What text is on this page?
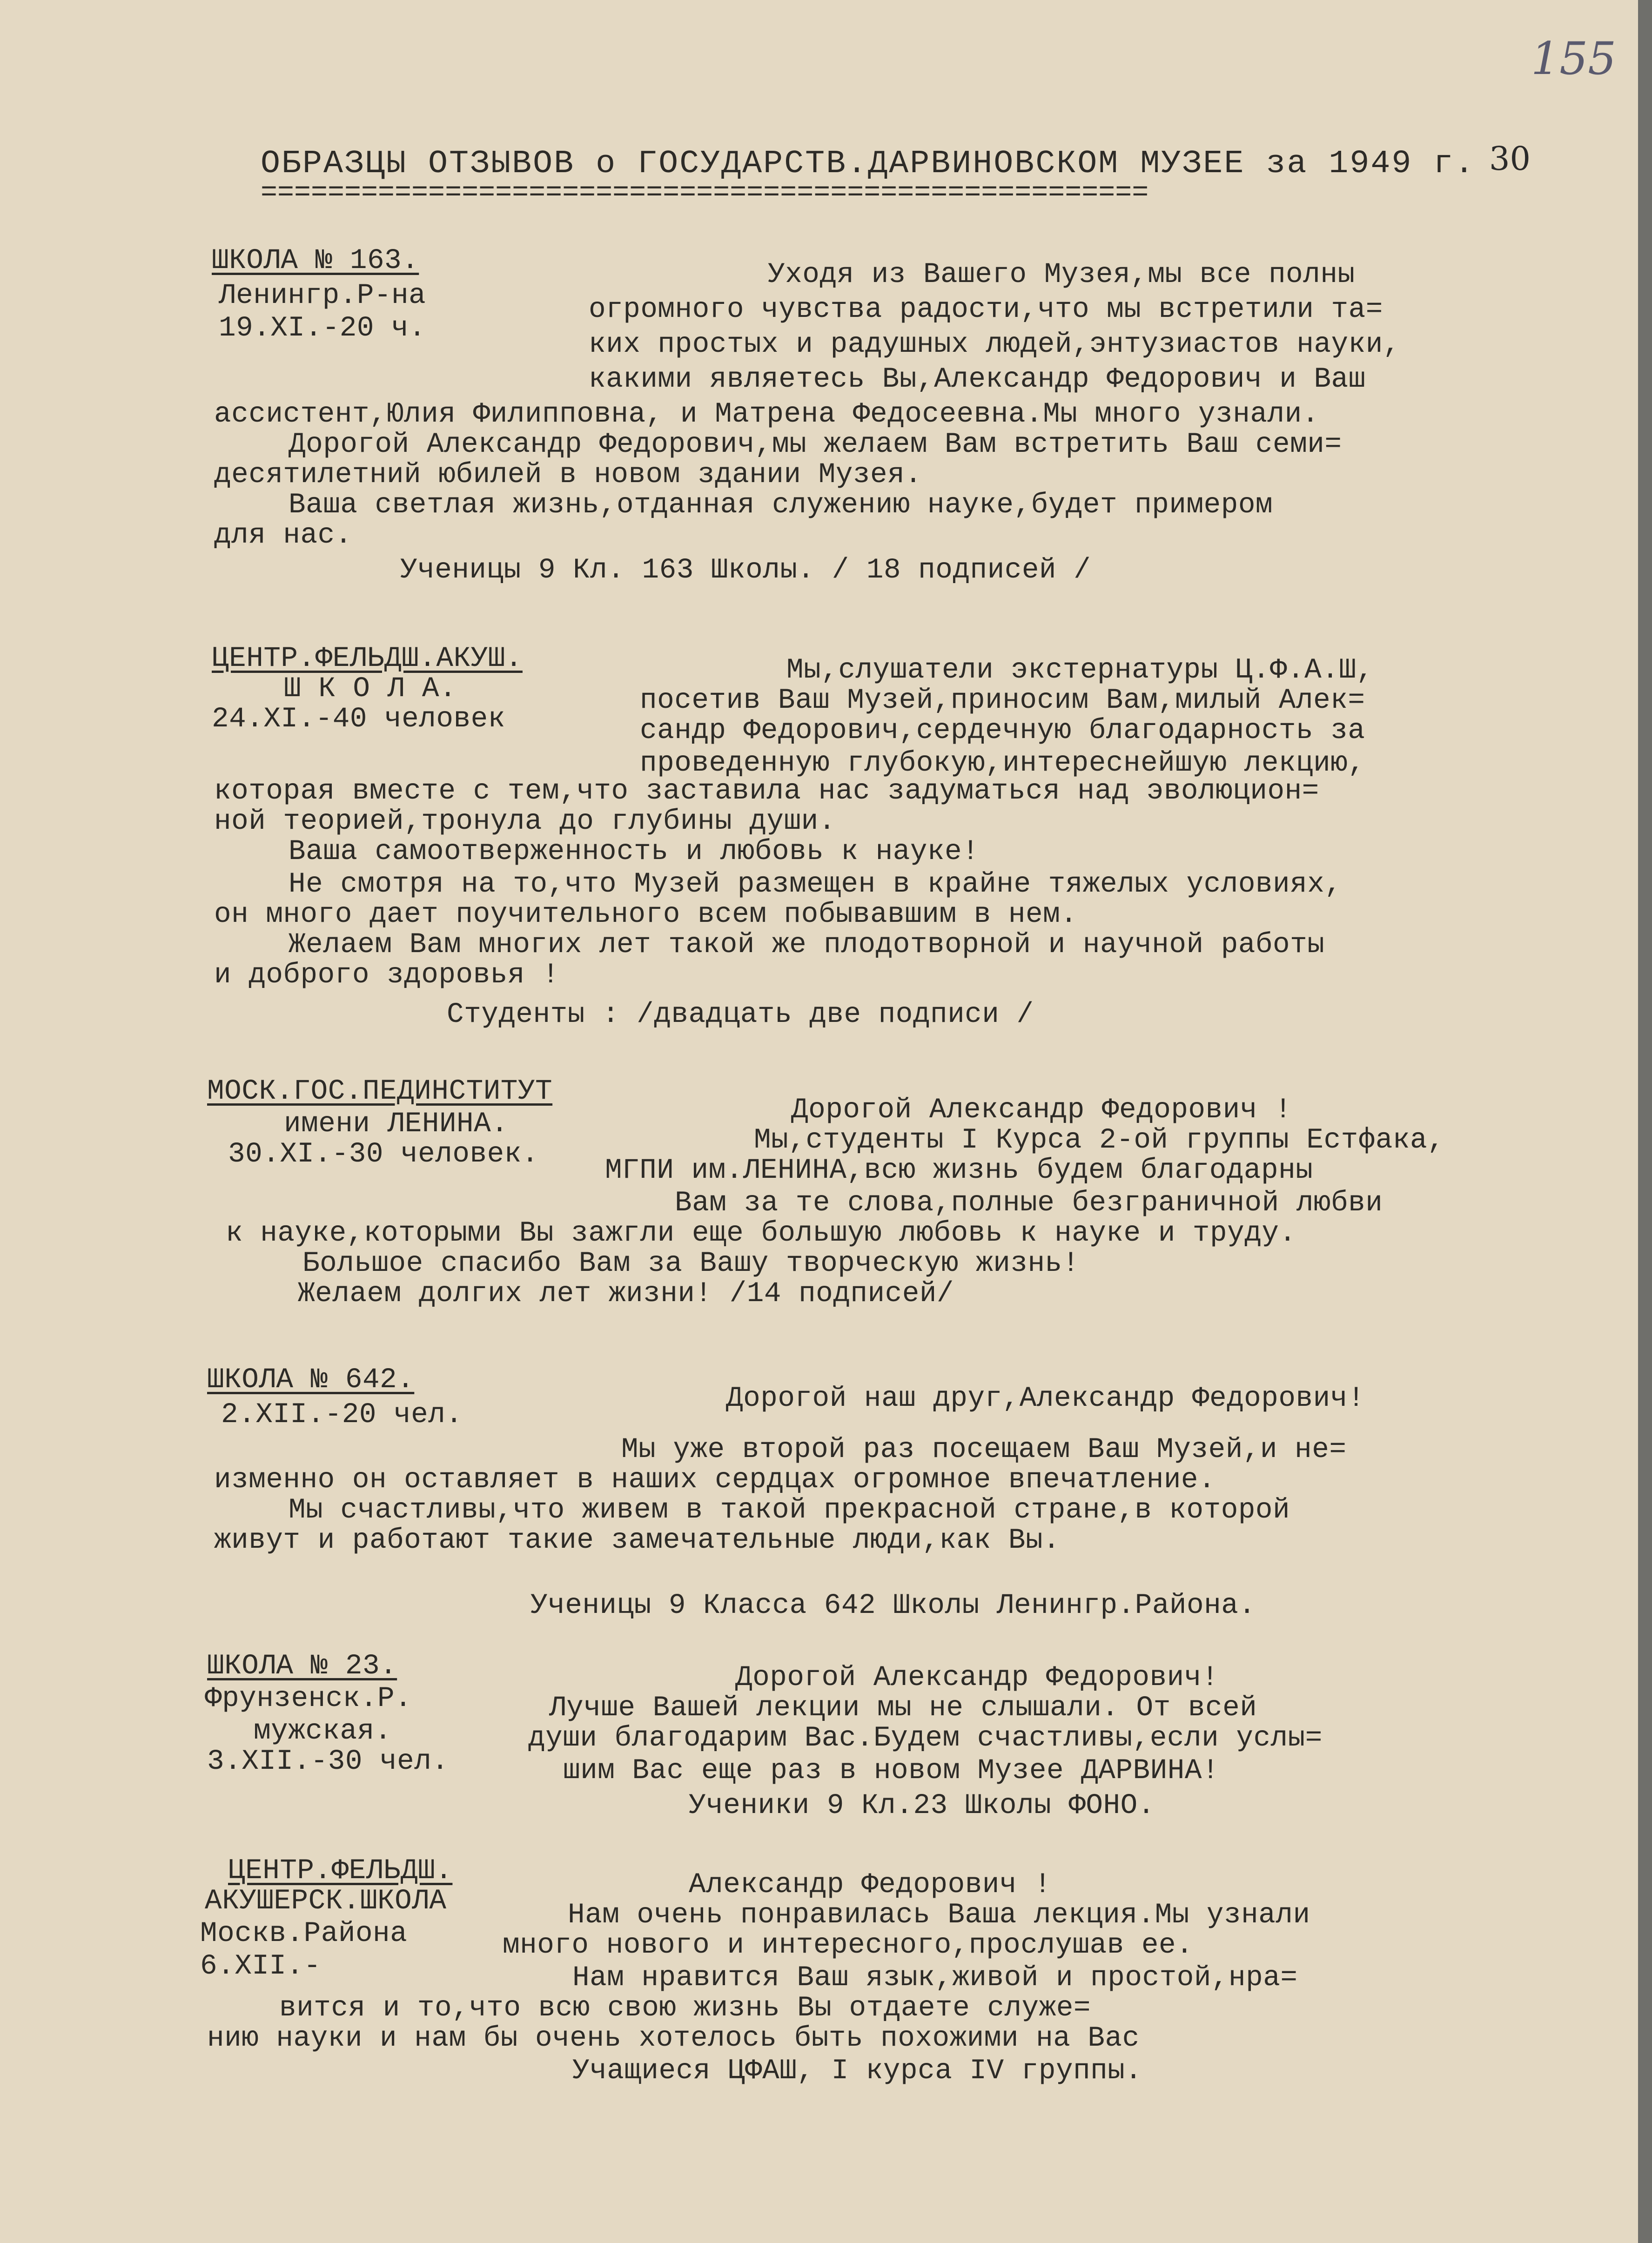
155
30
ОБРАЗЦЫ ОТЗЫВОВ о ГОСУДАРСТВ.ДАРВИНОВСКОМ МУЗЕЕ за 1949 г.
=====================================================
ШКОЛА № 163.
Ленингр.Р-на
19.XI.-20 ч.
Уходя из Вашего Музея,мы все полны
огромного чувства радости,что мы встретили та=
ких простых и радушных людей,энтузиастов науки,
какими являетесь Вы,Александр Федорович и Ваш
ассистент,Юлия Филипповна, и Матрена Федосеевна.Мы много узнали.
Дорогой Александр Федорович,мы желаем Вам встретить Ваш семи=
десятилетний юбилей в новом здании Музея.
Ваша светлая жизнь,отданная служению науке,будет примером
для нас.
Ученицы 9 Кл. 163 Школы. / 18 подписей /
ЦЕНТР.ФЕЛЬДШ.АКУШ.
Ш К О Л А.
24.XI.-40 человек
Мы,слушатели экстернатуры Ц.Ф.А.Ш,
посетив Ваш Музей,приносим Вам,милый Алек=
сандр Федорович,сердечную благодарность за
проведенную глубокую,интереснейшую лекцию,
которая вместе с тем,что заставила нас задуматься над эволюцион=
ной теорией,тронула до глубины души.
Ваша самоотверженность и любовь к науке!
Не смотря на то,что Музей размещен в крайне тяжелых условиях,
он много дает поучительного всем побывавшим в нем.
Желаем Вам многих лет такой же плодотворной и научной работы
и доброго здоровья !
Студенты : /двадцать две подписи /
МОСК.ГОС.ПЕДИНСТИТУТ
имени ЛЕНИНА.
30.XI.-30 человек.
Дорогой Александр Федорович !
Мы,студенты I Курса 2-ой группы Естфака,
МГПИ им.ЛЕНИНА,всю жизнь будем благодарны
Вам за те слова,полные безграничной любви
к науке,которыми Вы зажгли еще большую любовь к науке и труду.
Большое спасибо Вам за Вашу творческую жизнь!
Желаем долгих лет жизни! /14 подписей/
ШКОЛА № 642.
2.XII.-20 чел.
Дорогой наш друг,Александр Федорович!
Мы уже второй раз посещаем Ваш Музей,и не=
изменно он оставляет в наших сердцах огромное впечатление.
Мы счастливы,что живем в такой прекрасной стране,в которой
живут и работают такие замечательные люди,как Вы.
Ученицы 9 Класса 642 Школы Ленингр.Района.
ШКОЛА № 23.
Фрунзенск.Р.
мужская.
3.XII.-30 чел.
Дорогой Александр Федорович!
Лучше Вашей лекции мы не слышали. От всей
души благодарим Вас.Будем счастливы,если услы=
шим Вас еще раз в новом Музее ДАРВИНА!
Ученики 9 Кл.23 Школы ФОНО.
ЦЕНТР.ФЕЛЬДШ.
АКУШЕРСК.ШКОЛА
Москв.Района
6.XII.-
Александр Федорович !
Нам очень понравилась Ваша лекция.Мы узнали
много нового и интересного,прослушав ее.
Нам нравится Ваш язык,живой и простой,нра=
вится и то,что всю свою жизнь Вы отдаете служе=
нию науки и нам бы очень хотелось быть похожими на Вас
Учащиеся ЦФАШ, I курса IV группы.
